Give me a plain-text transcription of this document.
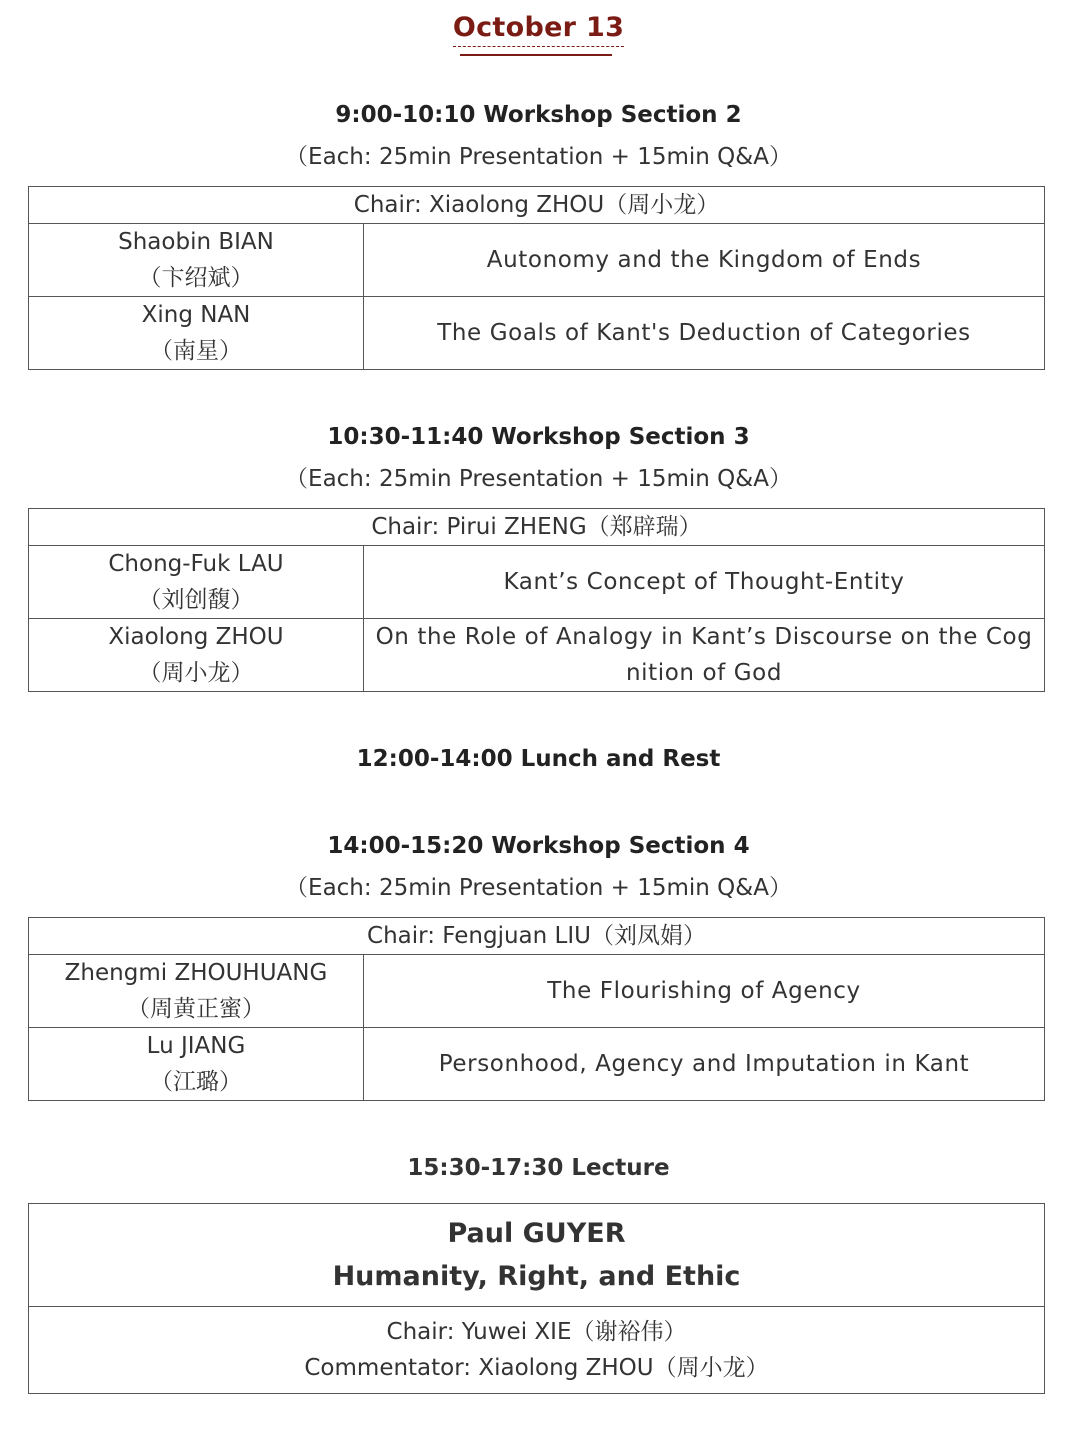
October 13
9:00-10:10 Workshop Section 2
（Each: 25min Presentation + 15min Q&A）
Chair: Xiaolong ZHOU（周小龙）	

Shaobin BIAN
（卞绍斌）	Autonomy and the Kingdom of Ends

Xing NAN
（南星）	The Goals of Kant's Deduction of Categories
10:30-11:40 Workshop Section 3
（Each: 25min Presentation + 15min Q&A）
Chair: Pirui ZHENG（郑辟瑞）	

Chong-Fuk LAU
（刘创馥）	Kant’s Concept of Thought-Entity

Xiaolong ZHOU
（周小龙）	On the Role of Analogy in Kant’s Discourse on the Cognition of God
12:00-14:00 Lunch and Rest
14:00-15:20 Workshop Section 4
（Each: 25min Presentation + 15min Q&A）
Chair: Fengjuan LIU（刘凤娟）	

Zhengmi ZHOUHUANG
（周黄正蜜）	The Flourishing of Agency

Lu JIANG
（江璐）	Personhood, Agency and Imputation in Kant
15:30-17:30 Lecture
Paul GUYER
Humanity, Right, and Ethic

Chair: Yuwei XIE（谢裕伟）
Commentator: Xiaolong ZHOU（周小龙）
